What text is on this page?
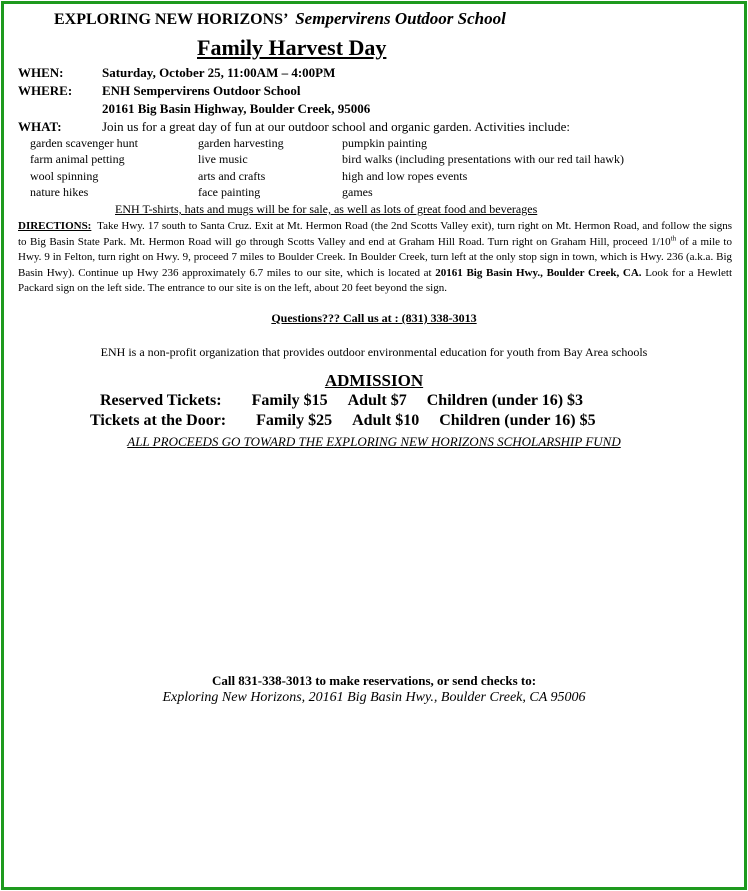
EXPLORING NEW HORIZONS’ Sempervirens Outdoor School
Family Harvest Day
WHEN:	Saturday, October 25, 11:00AM – 4:00PM
WHERE: ENH Sempervirens Outdoor School
20161 Big Basin Highway, Boulder Creek, 95006
WHAT:	Join us for a great day of fun at our outdoor school and organic garden. Activities include:
garden scavenger hunt	garden harvesting	pumpkin painting
farm animal petting	live music	bird walks (including presentations with our red tail hawk)
wool spinning	arts and crafts	high and low ropes events
nature hikes	face painting	games
ENH T-shirts, hats and mugs will be for sale, as well as lots of great food and beverages
DIRECTIONS: Take Hwy. 17 south to Santa Cruz. Exit at Mt. Hermon Road (the 2nd Scotts Valley exit), turn right on Mt. Hermon Road, and follow the signs to Big Basin State Park. Mt. Hermon Road will go through Scotts Valley and end at Graham Hill Road. Turn right on Graham Hill, proceed 1/10th of a mile to Hwy. 9 in Felton, turn right on Hwy. 9, proceed 7 miles to Boulder Creek. In Boulder Creek, turn left at the only stop sign in town, which is Hwy. 236 (a.k.a. Big Basin Hwy). Continue up Hwy 236 approximately 6.7 miles to our site, which is located at 20161 Big Basin Hwy., Boulder Creek, CA. Look for a Hewlett Packard sign on the left side. The entrance to our site is on the left, about 20 feet beyond the sign.
Questions??? Call us at : (831) 338-3013
ENH is a non-profit organization that provides outdoor environmental education for youth from Bay Area schools
ADMISSION
Reserved Tickets: Family $15 Adult $7 Children (under 16) $3
Tickets at the Door: Family $25 Adult $10 Children (under 16) $5
ALL PROCEEDS GO TOWARD THE EXPLORING NEW HORIZONS SCHOLARSHIP FUND
Call 831-338-3013 to make reservations, or send checks to:
Exploring New Horizons, 20161 Big Basin Hwy., Boulder Creek, CA 95006
